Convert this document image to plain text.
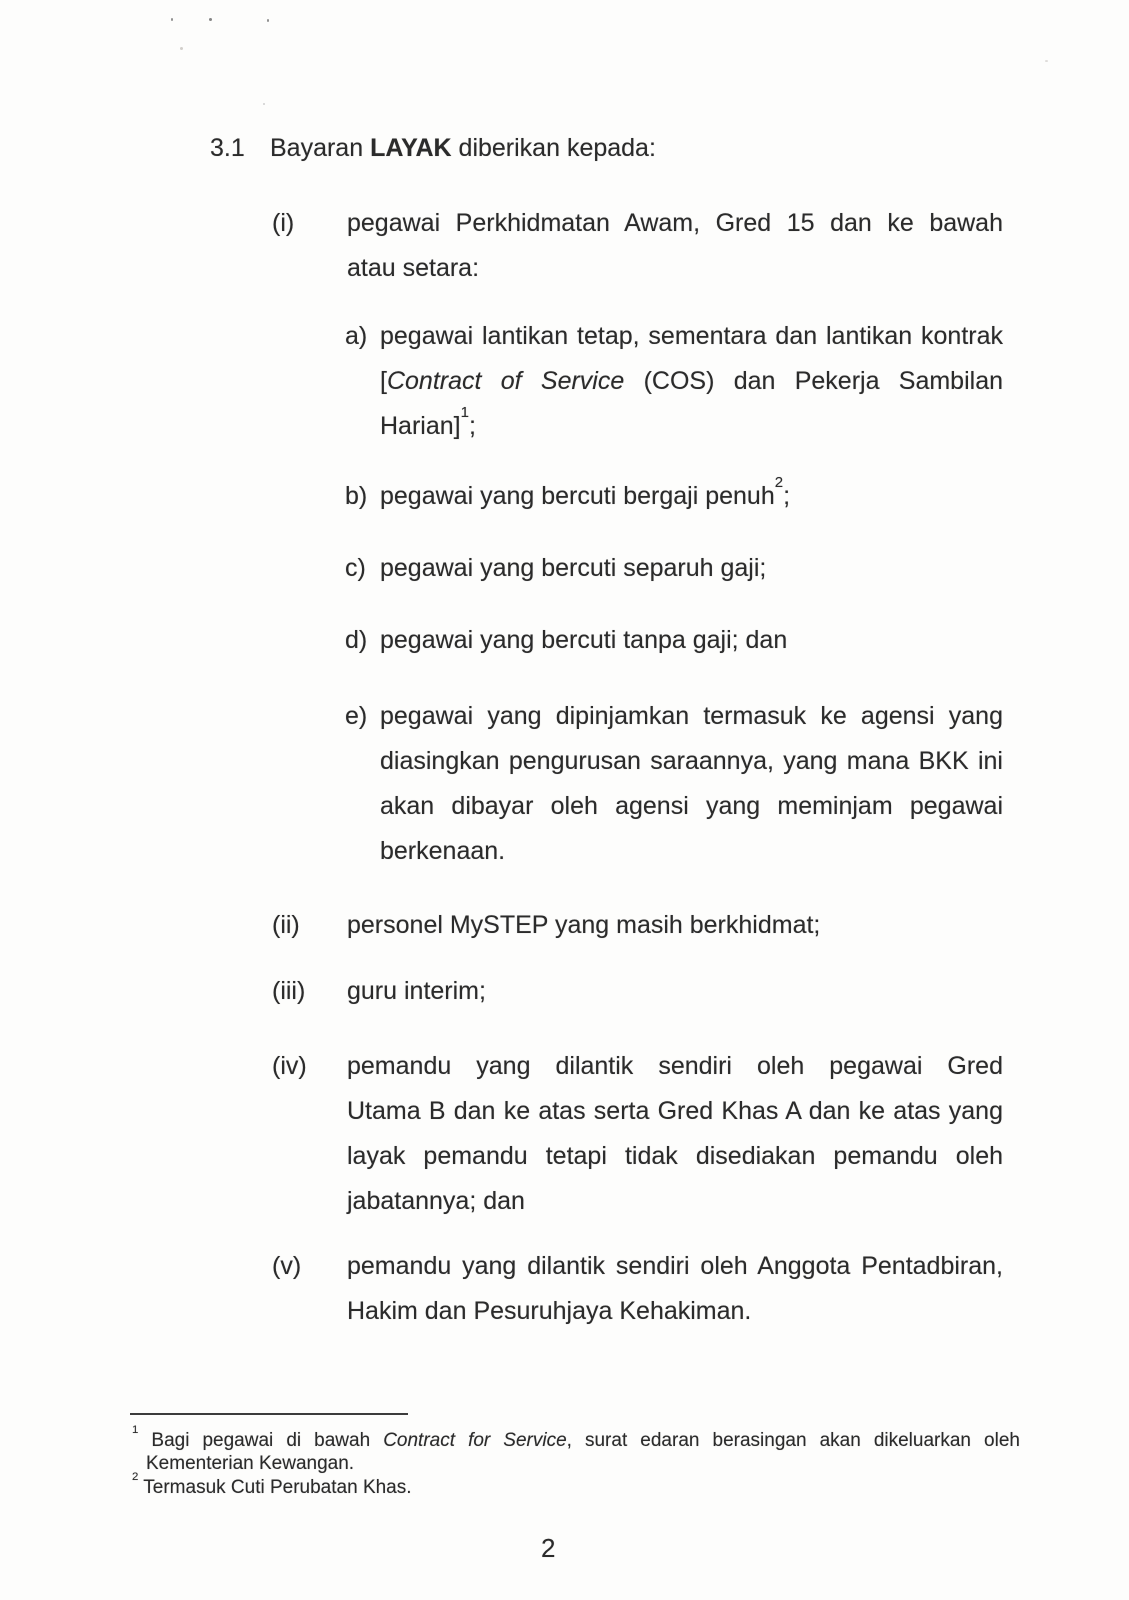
3.1 Bayaran LAYAK diberikan kepada:
(i) pegawai Perkhidmatan Awam, Gred 15 dan ke bawah
atau setara:
a) pegawai lantikan tetap, sementara dan lantikan kontrak
[Contract of Service (COS) dan Pekerja Sambilan
Harian]$^1$;
b) pegawai yang bercuti bergaji penuh$^2$;
c) pegawai yang bercuti separuh gaji;
d) pegawai yang bercuti tanpa gaji; dan
e) pegawai yang dipinjamkan termasuk ke agensi yang
diasingkan pengurusan saraannya, yang mana BKK ini
akan dibayar oleh agensi yang meminjam pegawai
berkenaan.
(ii) personel MySTEP yang masih berkhidmat;
(iii) guru interim;
(iv) pemandu yang dilantik sendiri oleh pegawai Gred
Utama B dan ke atas serta Gred Khas A dan ke atas yang
layak pemandu tetapi tidak disediakan pemandu oleh
jabatannya; dan
(v) pemandu yang dilantik sendiri oleh Anggota Pentadbiran,
Hakim dan Pesuruhjaya Kehakiman.
$^1$ Bagi pegawai di bawah Contract for Service, surat edaran berasingan akan dikeluarkan oleh
Kementerian Kewangan.
$^2$ Termasuk Cuti Perubatan Khas.
2
